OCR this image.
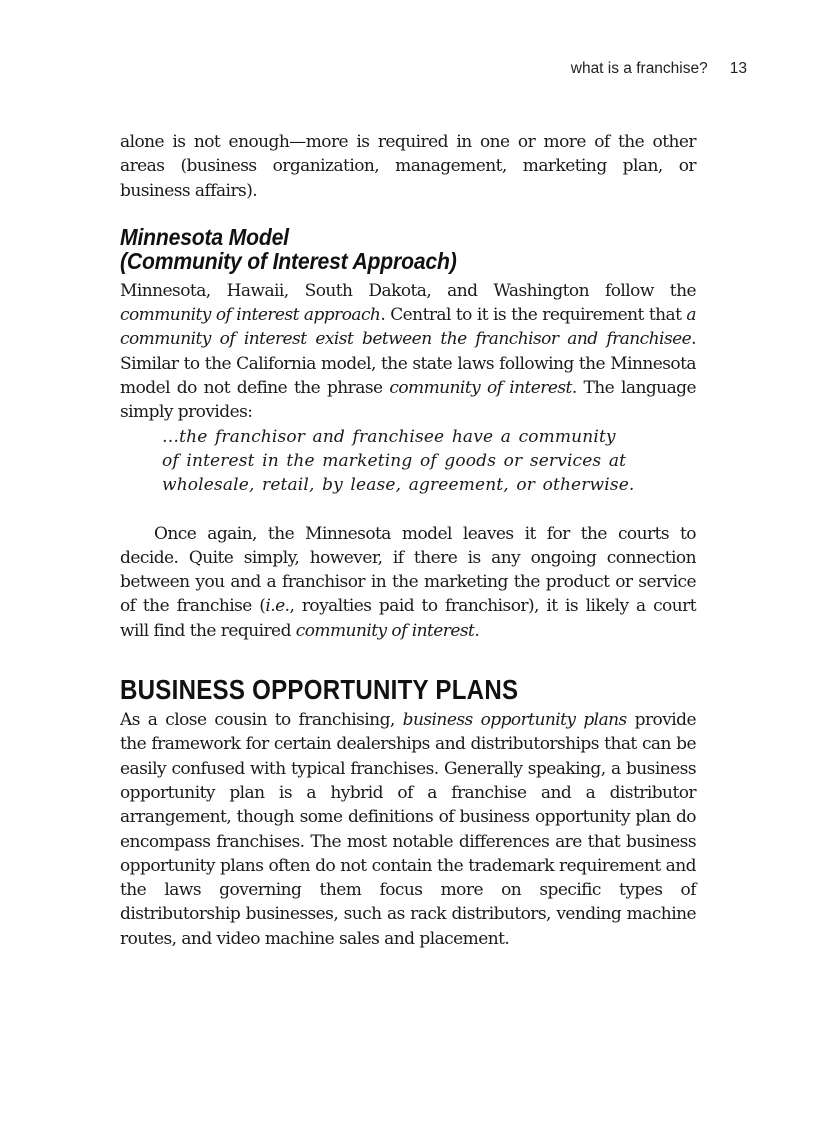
what is a franchise? 13

alone is not enough—more is required in one or more of the other areas (business organization, management, marketing plan, or business affairs).

Minnesota Model
(Community of Interest Approach)

Minnesota, Hawaii, South Dakota, and Washington follow the community of interest approach. Central to it is the requirement that a community of interest exist between the franchisor and franchisee. Similar to the California model, the state laws following the Minnesota model do not define the phrase community of interest. The language simply provides:

…the franchisor and franchisee have a community
of interest in the marketing of goods or services at
wholesale, retail, by lease, agreement, or otherwise.

Once again, the Minnesota model leaves it for the courts to decide. Quite simply, however, if there is any ongoing connection between you and a franchisor in the marketing the product or service of the franchise (i.e., royalties paid to franchisor), it is likely a court will find the required community of interest.

BUSINESS OPPORTUNITY PLANS

As a close cousin to franchising, business opportunity plans provide the framework for certain dealerships and distributorships that can be easily confused with typical franchises. Generally speaking, a business opportunity plan is a hybrid of a franchise and a distributor arrangement, though some definitions of business opportunity plan do encompass franchises. The most notable differences are that business opportunity plans often do not contain the trademark requirement and the laws governing them focus more on specific types of distributorship businesses, such as rack distributors, vending machine routes, and video machine sales and placement.
